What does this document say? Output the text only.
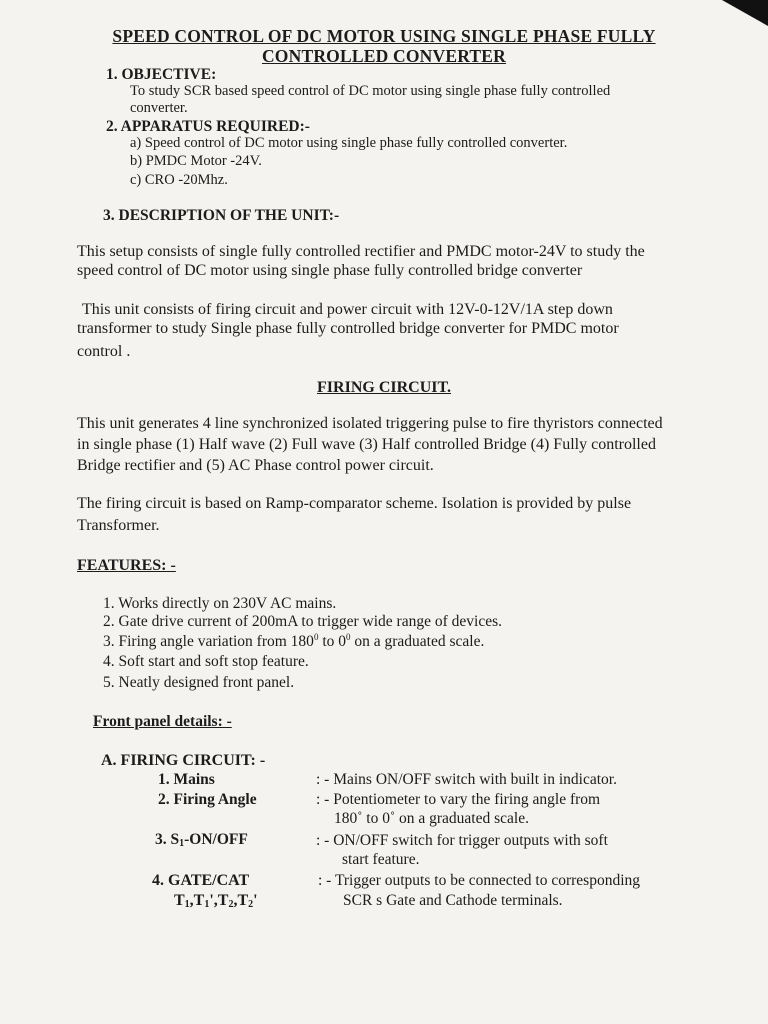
SPEED CONTROL OF DC MOTOR USING SINGLE PHASE FULLY
CONTROLLED CONVERTER
1. OBJECTIVE:
To study SCR based speed control of DC motor using single phase fully controlled
converter.
2. APPARATUS REQUIRED:-
a) Speed control of DC motor using single phase fully controlled converter.
b) PMDC Motor -24V.
c) CRO -20Mhz.
3. DESCRIPTION OF THE UNIT:-
This setup consists of single fully controlled rectifier and PMDC motor-24V to study the
speed control of DC motor using single phase fully controlled bridge converter
This unit consists of firing circuit and power circuit with 12V-0-12V/1A step down
transformer to study Single phase fully controlled bridge converter for PMDC motor
control .
FIRING CIRCUIT.
This unit generates 4 line synchronized isolated triggering pulse to fire thyristors connected
in single phase (1) Half wave (2) Full wave (3) Half controlled Bridge (4) Fully controlled
Bridge rectifier and (5) AC Phase control power circuit.
The firing circuit is based on Ramp-comparator scheme. Isolation is provided by pulse
Transformer.
FEATURES: -
1. Works directly on 230V AC mains.
2. Gate drive current of 200mA to trigger wide range of devices.
3. Firing angle variation from $180^0$ to $0^0$ on a graduated scale.
4. Soft start and soft stop feature.
5. Neatly designed front panel.
Front panel details: -
A. FIRING CIRCUIT: -
1. Mains	: - Mains ON/OFF switch with built in indicator.
2. Firing Angle	: - Potentiometer to vary the firing angle from
180˚ to 0˚ on a graduated scale.
3. $S_1-ON$/OFF	: - ON/OFF switch for trigger outputs with soft
start feature.
4. GATE/CAT
$T_1,T_1',T_2,T_2'$
: - Trigger outputs to be connected to corresponding
SCR s Gate and Cathode terminals.
